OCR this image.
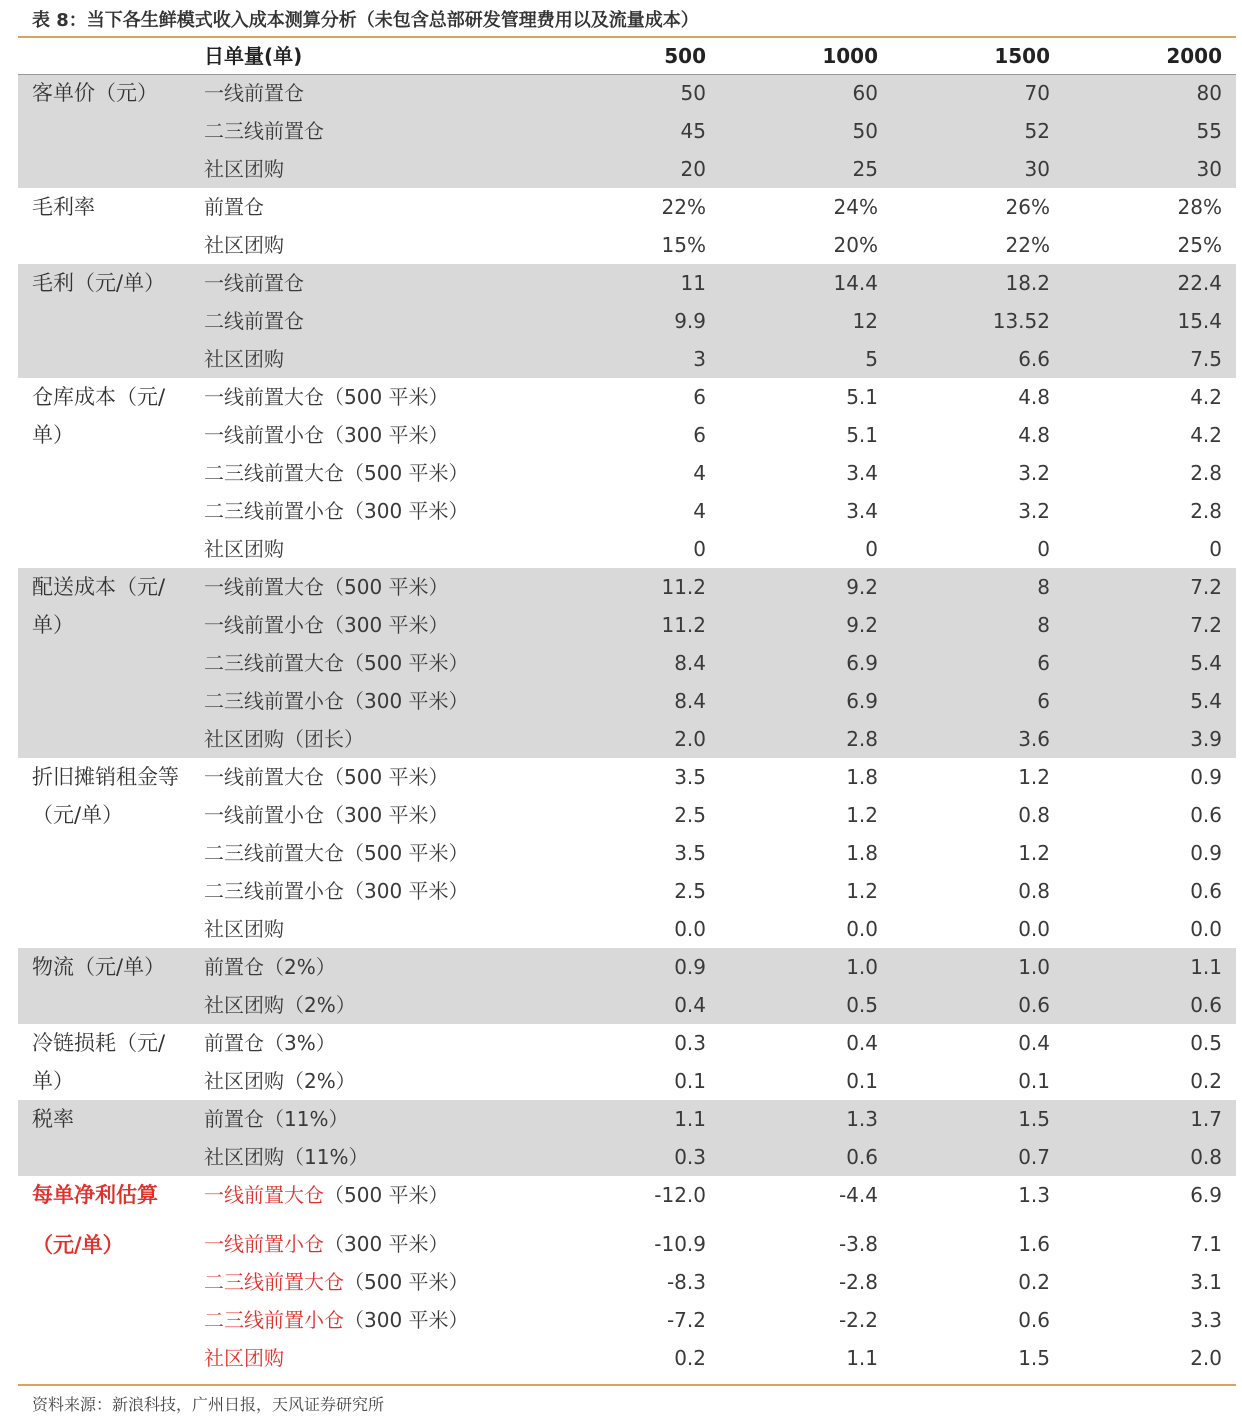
表 8：当下各生鲜模式收入成本测算分析（未包含总部研发管理费用以及流量成本）
日单量(单)	500	1000	1500	2000
客单价（元）	一线前置仓	50	60	70	80
二三线前置仓	45	50	52	55
社区团购	20	25	30	30
毛利率	前置仓	22%	24%	26%	28%
社区团购	15%	20%	22%	25%
毛利（元/单）	一线前置仓	11	14.4	18.2	22.4
二线前置仓	9.9	12	13.52	15.4
社区团购	3	5	6.6	7.5
仓库成本（元/单）
一线前置大仓（500 平米）	6	5.1	4.8	4.2
一线前置小仓（300 平米）	6	5.1	4.8	4.2
二三线前置大仓（500 平米）	4	3.4	3.2	2.8
二三线前置小仓（300 平米）	4	3.4	3.2	2.8
社区团购	0	0	0	0
配送成本（元/单）
一线前置大仓（500 平米）	11.2	9.2	8	7.2
一线前置小仓（300 平米）	11.2	9.2	8	7.2
二三线前置大仓（500 平米）	8.4	6.9	6	5.4
二三线前置小仓（300 平米）	8.4	6.9	6	5.4
社区团购（团长）	2.0	2.8	3.6	3.9
折旧摊销租金等（元/单）
一线前置大仓（500 平米）	3.5	1.8	1.2	0.9
一线前置小仓（300 平米）	2.5	1.2	0.8	0.6
二三线前置大仓（500 平米）	3.5	1.8	1.2	0.9
二三线前置小仓（300 平米）	2.5	1.2	0.8	0.6
社区团购	0.0	0.0	0.0	0.0
物流（元/单）	前置仓（2%）	0.9	1.0	1.0	1.1
社区团购（2%）	0.4	0.5	0.6	0.6
冷链损耗（元/单）
前置仓（3%）	0.3	0.4	0.4	0.5
社区团购（2%）	0.1	0.1	0.1	0.2
税率	前置仓（11%）	1.1	1.3	1.5	1.7
社区团购（11%）	0.3	0.6	0.7	0.8
每单净利估算
（元/单）
一线前置大仓（500 平米）	-12.0	-4.4	1.3	6.9
一线前置小仓（300 平米）	-10.9	-3.8	1.6	7.1
二三线前置大仓（500 平米）	-8.3	-2.8	0.2	3.1
二三线前置小仓（300 平米）	-7.2	-2.2	0.6	3.3
社区团购	0.2	1.1	1.5	2.0
资料来源：新浪科技，广州日报，天风证券研究所
